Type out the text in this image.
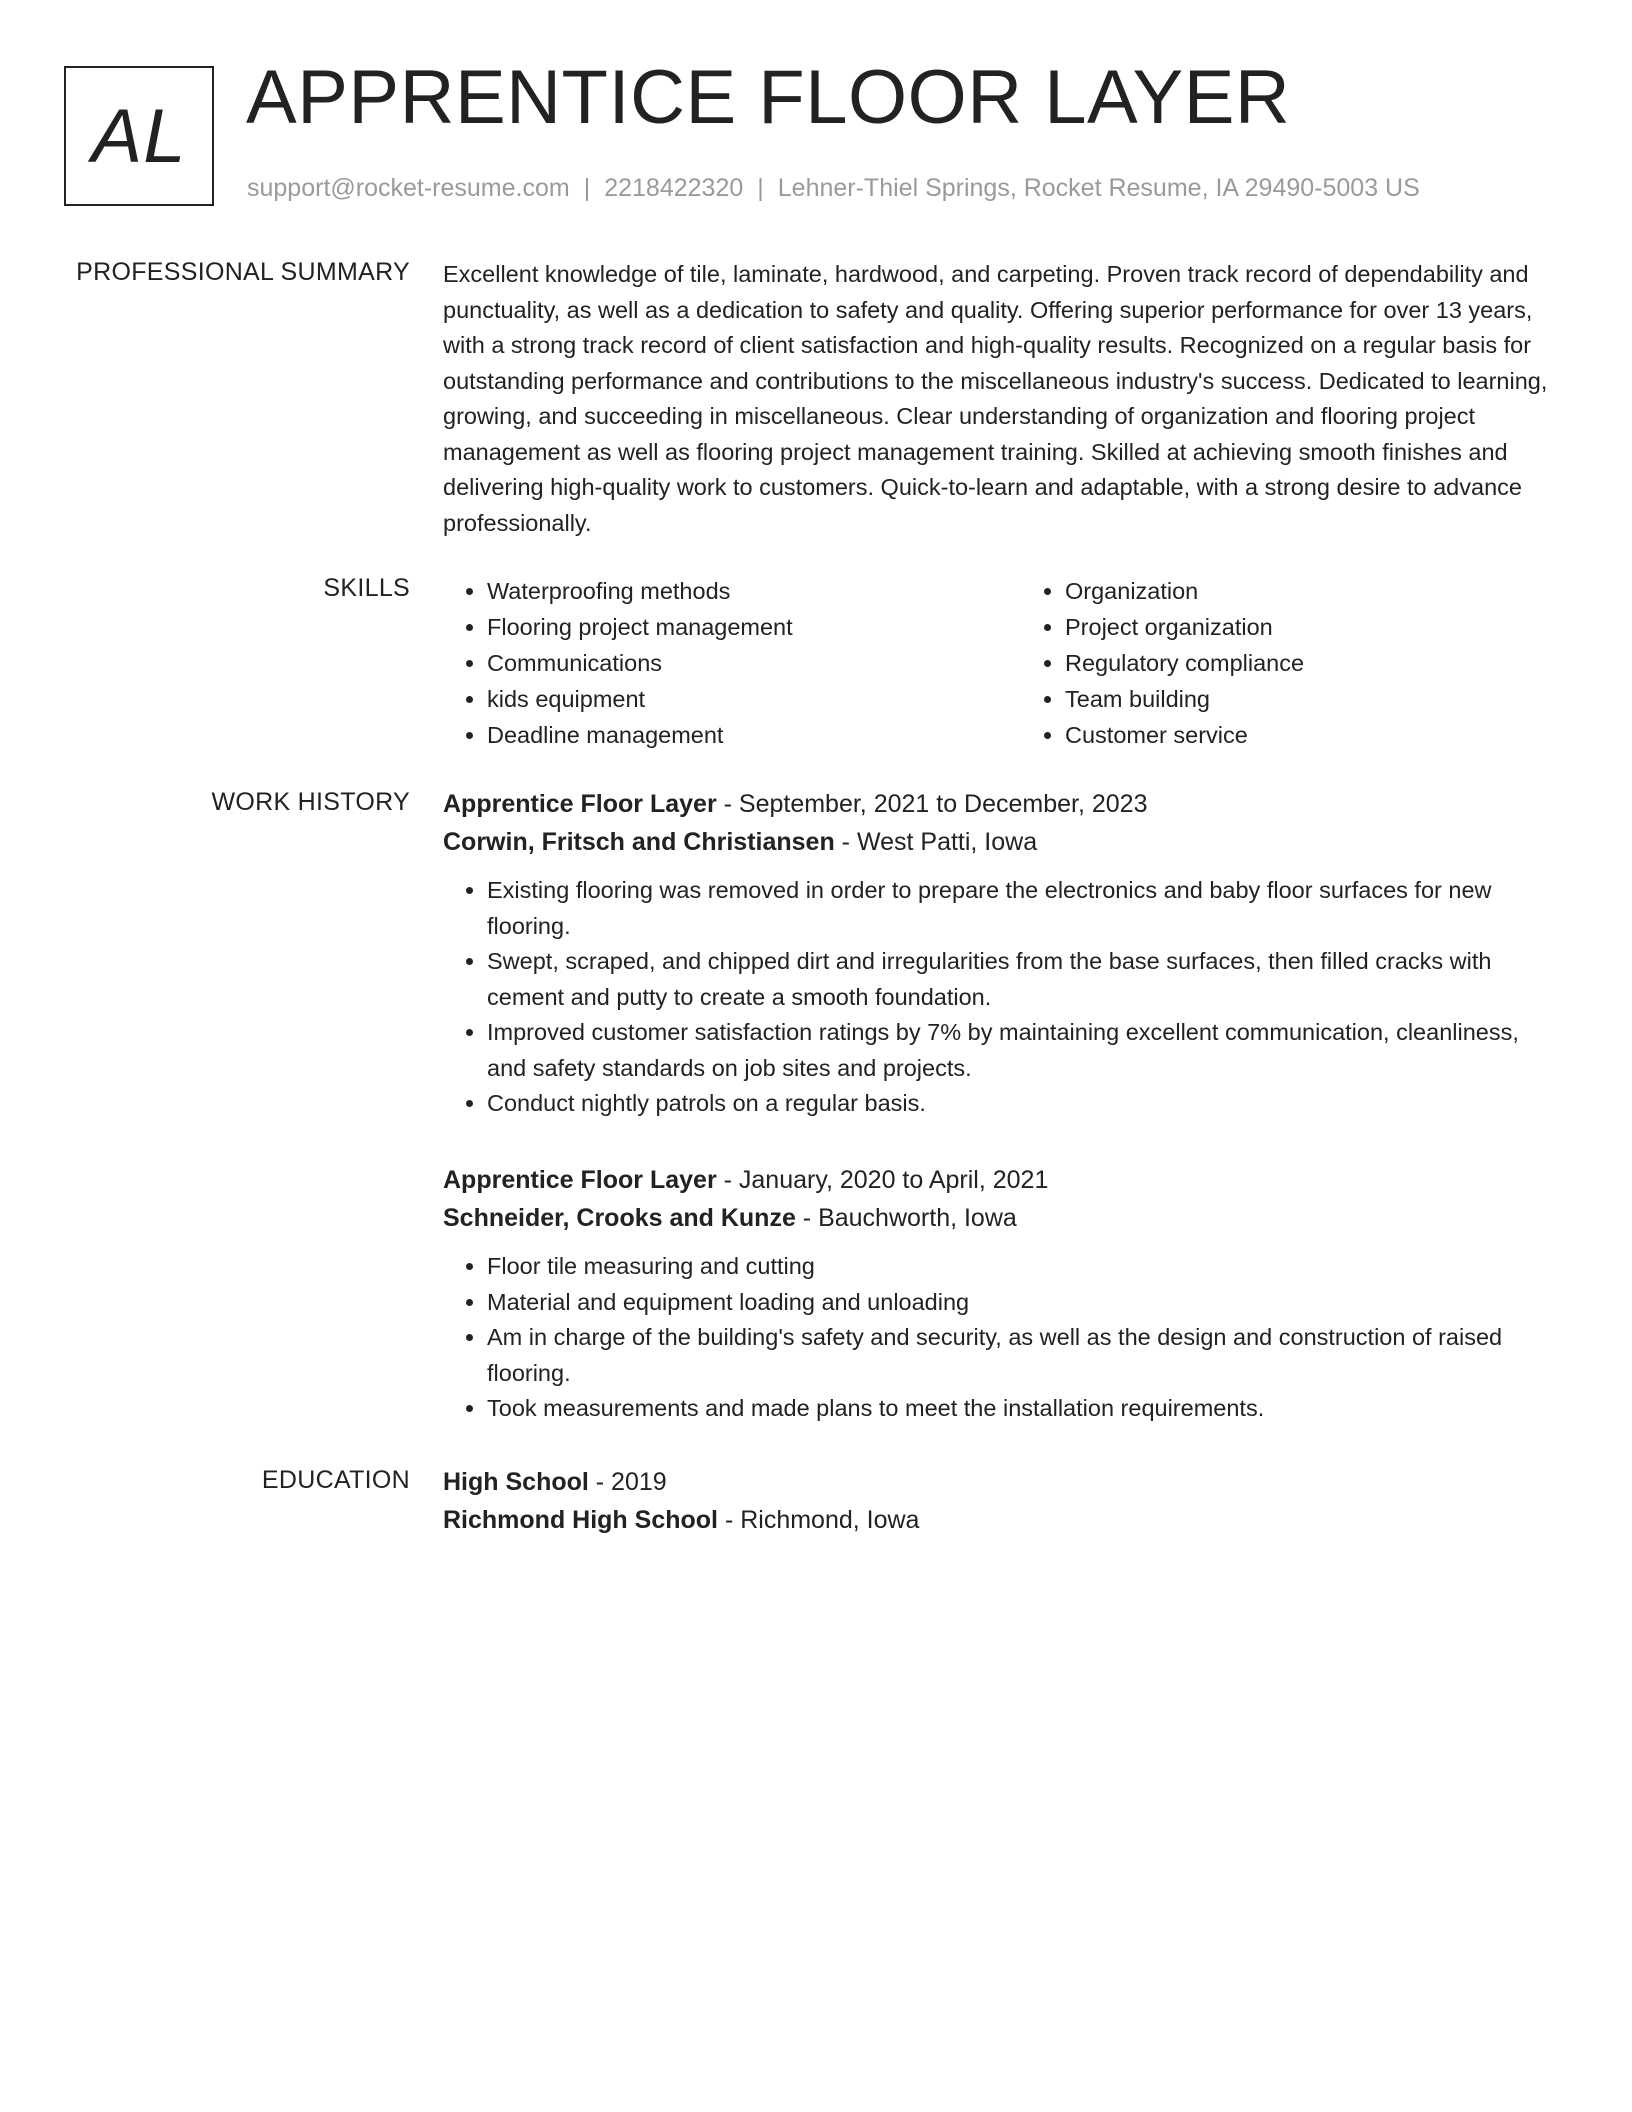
AL APPRENTICE FLOOR LAYER
support@rocket-resume.com | 2218422320 | Lehner-Thiel Springs, Rocket Resume, IA 29490-5003 US
PROFESSIONAL SUMMARY Excellent knowledge of tile, laminate, hardwood, and carpeting. Proven track record of dependability and punctuality, as well as a dedication to safety and quality. Offering superior performance for over 13 years, with a strong track record of client satisfaction and high-quality results. Recognized on a regular basis for outstanding performance and contributions to the miscellaneous industry's success. Dedicated to learning, growing, and succeeding in miscellaneous. Clear understanding of organization and flooring project management as well as flooring project management training. Skilled at achieving smooth finishes and delivering high-quality work to customers. Quick-to-learn and adaptable, with a strong desire to advance professionally.

SKILLS
•	Waterproofing methods
• Flooring project management
• Communications
• kids equipment
• Deadline management
• Organization
• Project organization
• Regulatory compliance
• Team building
• Customer service
WORK HISTORY Apprentice Floor Layer - September, 2021 to December, 2023
Corwin, Fritsch and Christiansen - West Patti, Iowa
• Existing flooring was removed in order to prepare the electronics and baby floor surfaces for new flooring.
• Swept, scraped, and chipped dirt and irregularities from the base surfaces, then filled cracks with cement and putty to create a smooth foundation.
• Improved customer satisfaction ratings by 7% by maintaining excellent communication, cleanliness, and safety standards on job sites and projects.
• Conduct nightly patrols on a regular basis.
Apprentice Floor Layer - January, 2020 to April, 2021
Schneider, Crooks and Kunze - Bauchworth, Iowa
• Floor tile measuring and cutting
• Material and equipment loading and unloading
• Am in charge of the building's safety and security, as well as the design and construction of raised flooring.
• Took measurements and made plans to meet the installation requirements.
EDUCATION High School - 2019
Richmond High School - Richmond, Iowa
